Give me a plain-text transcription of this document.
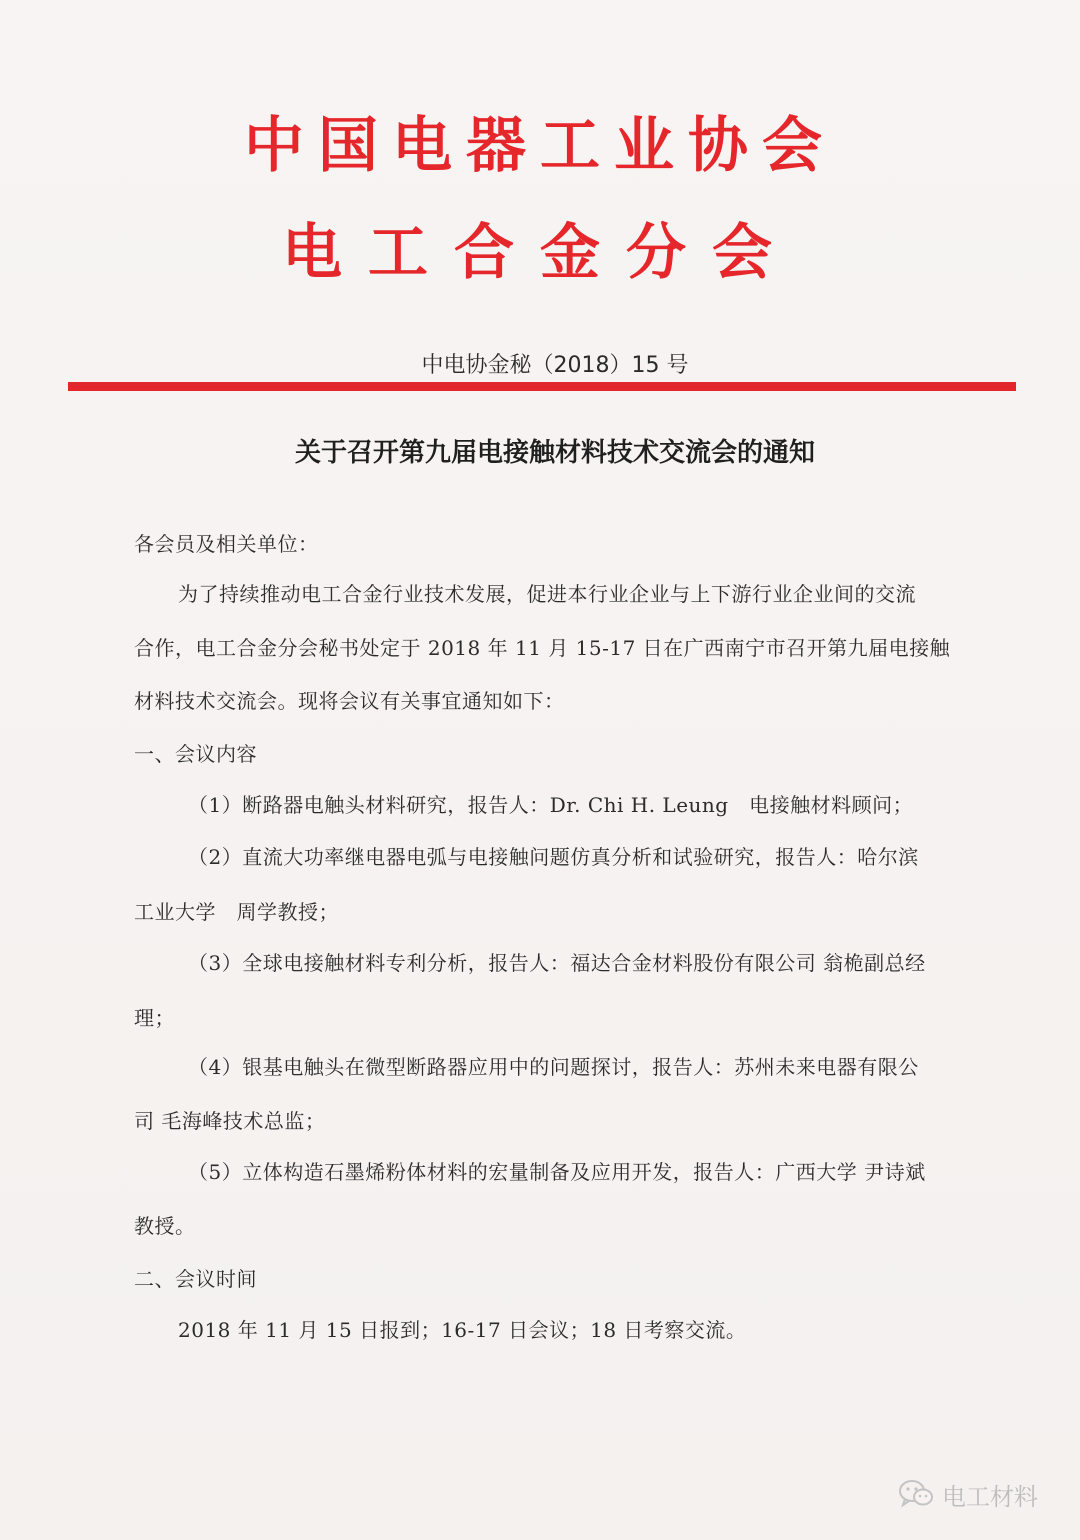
中国电器工业协会
电工合金分会
中电协金秘（2018）15 号
关于召开第九届电接触材料技术交流会的通知
各会员及相关单位：
为了持续推动电工合金行业技术发展，促进本行业企业与上下游行业企业间的交流
合作，电工合金分会秘书处定于 2018 年 11 月 15-17 日在广西南宁市召开第九届电接触
材料技术交流会。现将会议有关事宜通知如下：
一、会议内容
（1）断路器电触头材料研究，报告人：Dr. Chi H. Leung　电接触材料顾问；
（2）直流大功率继电器电弧与电接触问题仿真分析和试验研究，报告人：哈尔滨
工业大学　周学教授；
（3）全球电接触材料专利分析，报告人：福达合金材料股份有限公司 翁桅副总经
理；
（4）银基电触头在微型断路器应用中的问题探讨，报告人：苏州未来电器有限公
司 毛海峰技术总监；
（5）立体构造石墨烯粉体材料的宏量制备及应用开发，报告人：广西大学 尹诗斌
教授。
二、会议时间
2018 年 11 月 15 日报到；16-17 日会议；18 日考察交流。
电工材料
